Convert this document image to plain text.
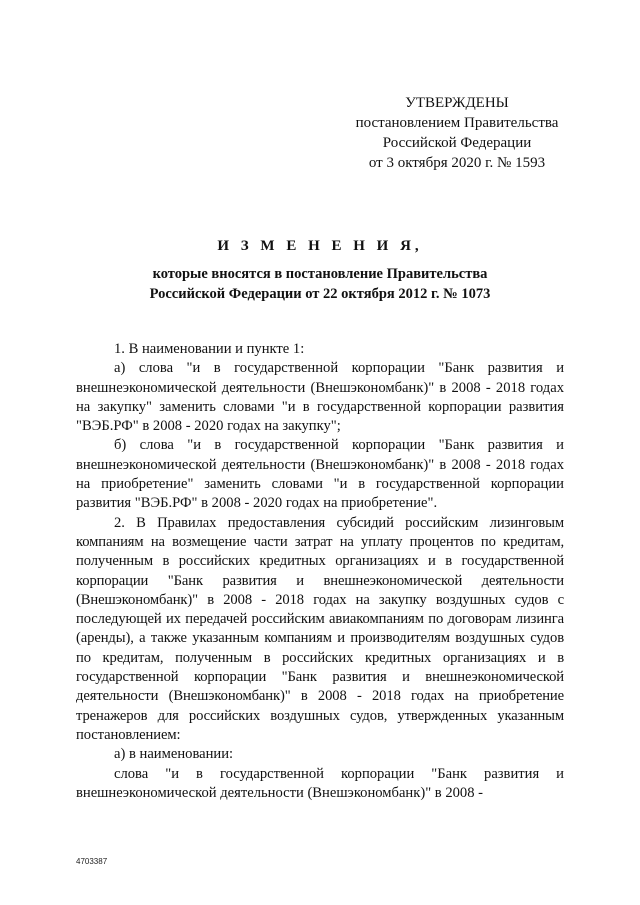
УТВЕРЖДЕНЫ
постановлением Правительства
Российской Федерации
от 3 октября 2020 г. № 1593
И З М Е Н Е Н И Я,
которые вносятся в постановление Правительства
Российской Федерации от 22 октября 2012 г. № 1073

1. В наименовании и пункте 1:

а) слова "и в государственной корпорации "Банк развития и внешнеэкономической деятельности (Внешэкономбанк)" в 2008 - 2018 годах на закупку" заменить словами "и в государственной корпорации развития "ВЭБ.РФ" в 2008 - 2020 годах на закупку";

б) слова "и в государственной корпорации "Банк развития и внешнеэкономической деятельности (Внешэкономбанк)" в 2008 - 2018 годах на приобретение" заменить словами "и в государственной корпорации развития "ВЭБ.РФ" в 2008 - 2020 годах на приобретение".

2. В Правилах предоставления субсидий российским лизинговым компаниям на возмещение части затрат на уплату процентов по кредитам, полученным в российских кредитных организациях и в государственной корпорации "Банк развития и внешнеэкономической деятельности (Внешэкономбанк)" в 2008 - 2018 годах на закупку воздушных судов с последующей их передачей российским авиакомпаниям по договорам лизинга (аренды), а также указанным компаниям и производителям воздушных судов по кредитам, полученным в российских кредитных организациях и в государственной корпорации "Банк развития и внешнеэкономической деятельности (Внешэкономбанк)" в 2008 - 2018 годах на приобретение тренажеров для российских воздушных судов, утвержденных указанным постановлением:

а) в наименовании:

слова "и в государственной корпорации "Банк развития и внешнеэкономической деятельности (Внешэкономбанк)" в 2008 -

4703387
